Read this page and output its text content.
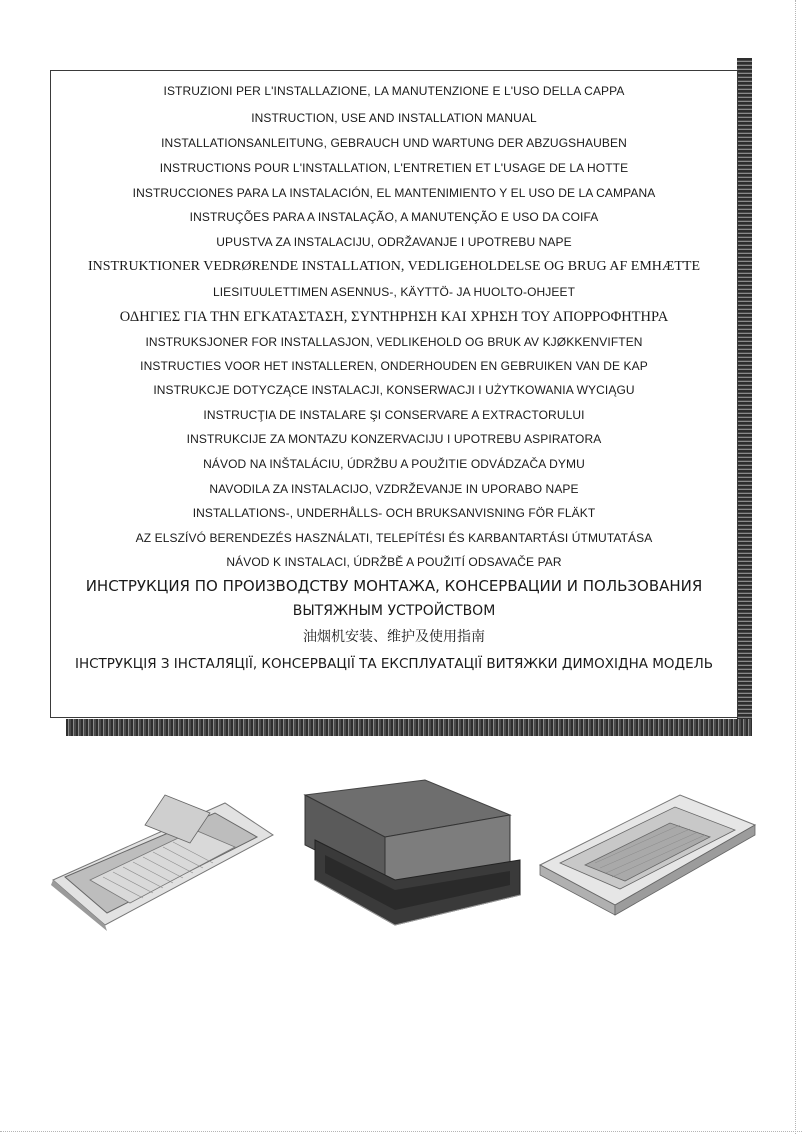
ISTRUZIONI PER L'INSTALLAZIONE, LA MANUTENZIONE E L'USO DELLA CAPPA
INSTRUCTION, USE AND INSTALLATION MANUAL
INSTALLATIONSANLEITUNG, GEBRAUCH UND WARTUNG DER ABZUGSHAUBEN
INSTRUCTIONS POUR L'INSTALLATION, L'ENTRETIEN ET L'USAGE DE LA HOTTE
INSTRUCCIONES PARA LA INSTALACIÓN, EL MANTENIMIENTO Y EL USO DE LA CAMPANA
INSTRUÇÕES PARA A INSTALAÇÃO, A MANUTENÇÃO E USO DA COIFA
UPUSTVA ZA INSTALACIJU, ODRŽAVANJE I UPOTREBU NAPE
INSTRUKTIONER VEDRØRENDE INSTALLATION, VEDLIGEHOLDELSE OG BRUG AF EMHÆTTE
LIESITUULETTIMEN ASENNUS-, KÄYTTÖ- JA HUOLTO-OHJEET
ΟΔΗΓΙΕΣ ΓΙΑ ΤΗΝ ΕΓΚΑΤΑΣΤΑΣΗ, ΣΥΝΤΗΡΗΣΗ ΚΑΙ ΧΡΗΣΗ ΤΟΥ ΑΠΟΡΡΟΦΗΤΗΡΑ
INSTRUKSJONER FOR INSTALLASJON, VEDLIKEHOLD OG BRUK AV KJØKKENVIFTEN
INSTRUCTIES VOOR HET INSTALLEREN, ONDERHOUDEN EN GEBRUIKEN VAN DE KAP
INSTRUKCJE DOTYCZĄCE INSTALACJI, KONSERWACJI I UŻYTKOWANIA WYCIĄGU
INSTRUCŢIA DE INSTALARE ŞI CONSERVARE A EXTRACTORULUI
INSTRUKCIJE ZA MONTAZU KONZERVACIJU I UPOTREBU ASPIRATORA
NÁVOD NA INŠTALÁCIU, ÚDRŽBU A POUŽITIE ODVÁDZAČA DYMU
NAVODILA ZA INSTALACIJO, VZDRŽEVANJE IN UPORABO NAPE
INSTALLATIONS-, UNDERHÅLLS- OCH BRUKSANVISNING FÖR FLÄKT
AZ ELSZÍVÓ BERENDEZÉS HASZNÁLATI, TELEPÍTÉSI ÉS KARBANTARTÁSI ÚTMUTATÁSA
NÁVOD K INSTALACI, ÚDRŽBĚ A POUŽITÍ ODSAVAČE PAR
ИНСТРУКЦИЯ ПО ПРОИЗВОДСТВУ МОНТАЖА, КОНСЕРВАЦИИ И ПОЛЬЗОВАНИЯ
ВЫТЯЖНЫМ УСТРОЙСТВОМ
油烟机安装、维护及使用指南
ІНСТРУКЦІЯ З ІНСТАЛЯЦІЇ, КОНСЕРВАЦІЇ ТА ЕКСПЛУАТАЦІЇ ВИТЯЖКИ ДИМОХІДНА МОДЕЛЬ
